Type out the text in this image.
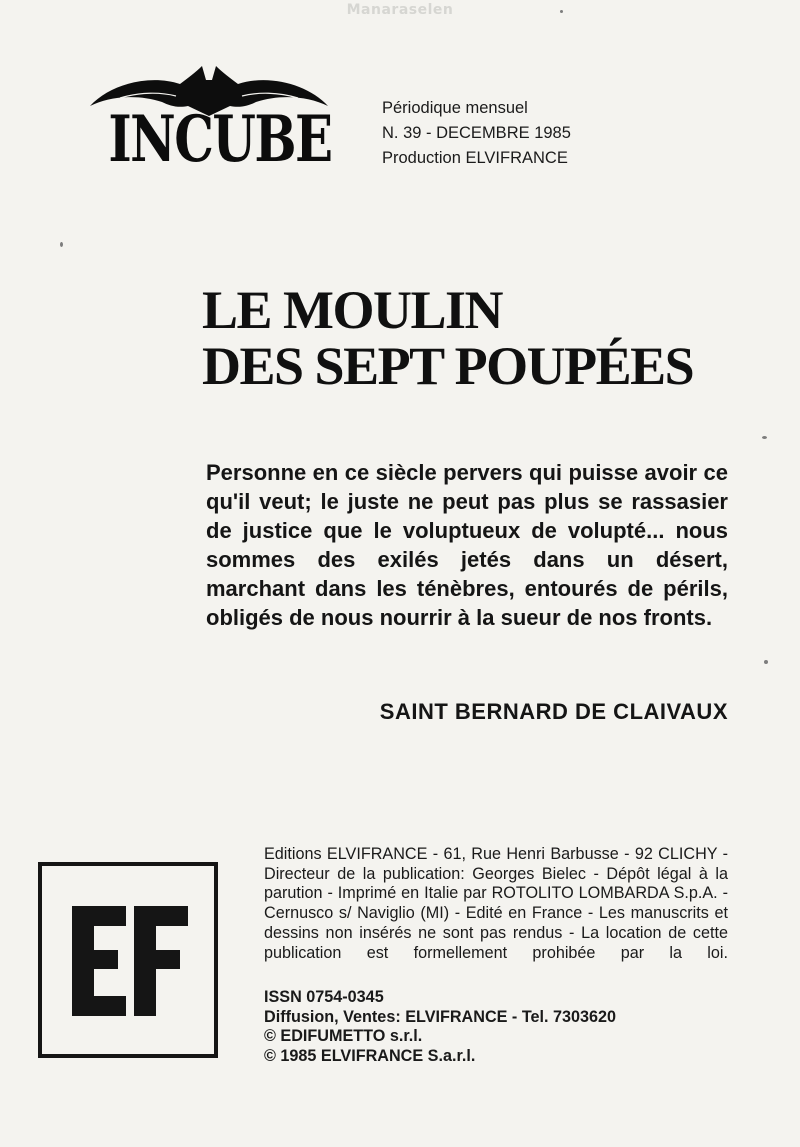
Manaraselen
INCUBE	Périodique mensuel
N. 39 - DECEMBRE 1985
Production ELVIFRANCE
LE MOULIN
DES SEPT POUPÉES
Personne en ce siècle pervers qui puisse avoir ce qu'il veut; le juste ne peut pas plus se rassasier de justice que le voluptueux de volupté... nous sommes des exilés jetés dans un désert, marchant dans les ténèbres, entourés de périls, obligés de nous nourrir à la sueur de nos fronts.
SAINT BERNARD DE CLAIVAUX
Editions ELVIFRANCE - 61, Rue Henri Barbusse - 92 CLICHY - Directeur de la publication: Georges Bielec - Dépôt légal à la parution - Imprimé en Italie par ROTOLITO LOMBARDA S.p.A. - Cernusco s/ Naviglio (MI) - Edité en France - Les manuscrits et dessins non insérés ne sont pas rendus - La location de cette publication est formellement prohibée par la loi.
ISSN 0754-0345
Diffusion, Ventes: ELVIFRANCE - Tel. 7303620
© EDIFUMETTO s.r.l.
© 1985 ELVIFRANCE S.a.r.l.
